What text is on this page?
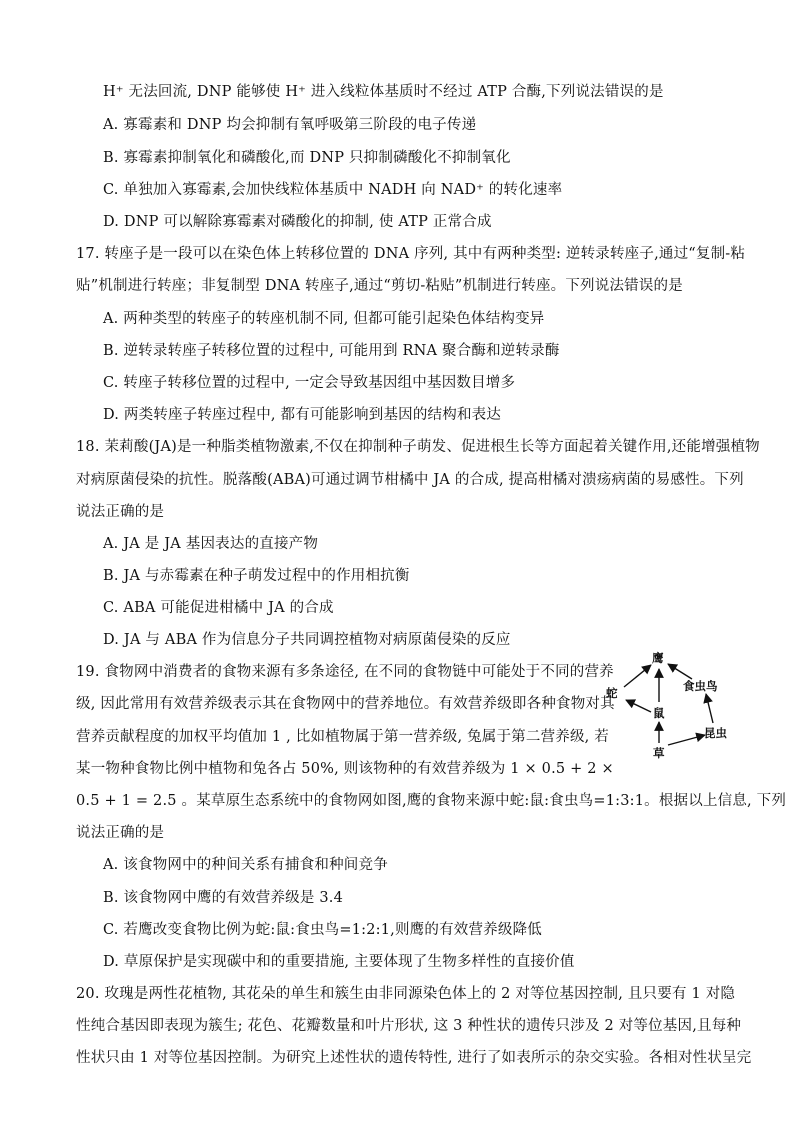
H⁺ 无法回流, DNP 能够使 H⁺ 进入线粒体基质时不经过 ATP 合酶,下列说法错误的是
A. 寡霉素和 DNP 均会抑制有氧呼吸第三阶段的电子传递
B. 寡霉素抑制氧化和磷酸化,而 DNP 只抑制磷酸化不抑制氧化
C. 单独加入寡霉素,会加快线粒体基质中 NADH 向 NAD⁺ 的转化速率
D. DNP 可以解除寡霉素对磷酸化的抑制, 使 ATP 正常合成
17. 转座子是一段可以在染色体上转移位置的 DNA 序列, 其中有两种类型: 逆转录转座子,通过“复制-粘
贴”机制进行转座；非复制型 DNA 转座子,通过“剪切-粘贴”机制进行转座。下列说法错误的是
A. 两种类型的转座子的转座机制不同, 但都可能引起染色体结构变异
B. 逆转录转座子转移位置的过程中, 可能用到 RNA 聚合酶和逆转录酶
C. 转座子转移位置的过程中, 一定会导致基因组中基因数目增多
D. 两类转座子转座过程中, 都有可能影响到基因的结构和表达
18. 茉莉酸(JA)是一种脂类植物激素,不仅在抑制种子萌发、促进根生长等方面起着关键作用,还能增强植物
对病原菌侵染的抗性。脱落酸(ABA)可通过调节柑橘中 JA 的合成, 提高柑橘对溃疡病菌的易感性。下列
说法正确的是
A. JA 是 JA 基因表达的直接产物
B. JA 与赤霉素在种子萌发过程中的作用相抗衡
C. ABA 可能促进柑橘中 JA 的合成
D. JA 与 ABA 作为信息分子共同调控植物对病原菌侵染的反应
19. 食物网中消费者的食物来源有多条途径, 在不同的食物链中可能处于不同的营养
级, 因此常用有效营养级表示其在食物网中的营养地位。有效营养级即各种食物对其
营养贡献程度的加权平均值加 1 , 比如植物属于第一营养级, 兔属于第二营养级, 若
某一物种食物比例中植物和兔各占 50%, 则该物种的有效营养级为 1 × 0.5 + 2 ×
0.5 + 1 = 2.5 。某草原生态系统中的食物网如图,鹰的食物来源中蛇:鼠:食虫鸟=1:3:1。根据以上信息, 下列
说法正确的是
A. 该食物网中的种间关系有捕食和种间竞争
B. 该食物网中鹰的有效营养级是 3.4
C. 若鹰改变食物比例为蛇:鼠:食虫鸟=1:2:1,则鹰的有效营养级降低
D. 草原保护是实现碳中和的重要措施, 主要体现了生物多样性的直接价值
20. 玫瑰是两性花植物, 其花朵的单生和簇生由非同源染色体上的 2 对等位基因控制, 且只要有 1 对隐
性纯合基因即表现为簇生; 花色、花瓣数量和叶片形状, 这 3 种性状的遗传只涉及 2 对等位基因,且每种
性状只由 1 对等位基因控制。为研究上述性状的遗传特性, 进行了如表所示的杂交实验。各相对性状呈完
鹰
蛇	食虫鸟
鼠
昆虫
草
